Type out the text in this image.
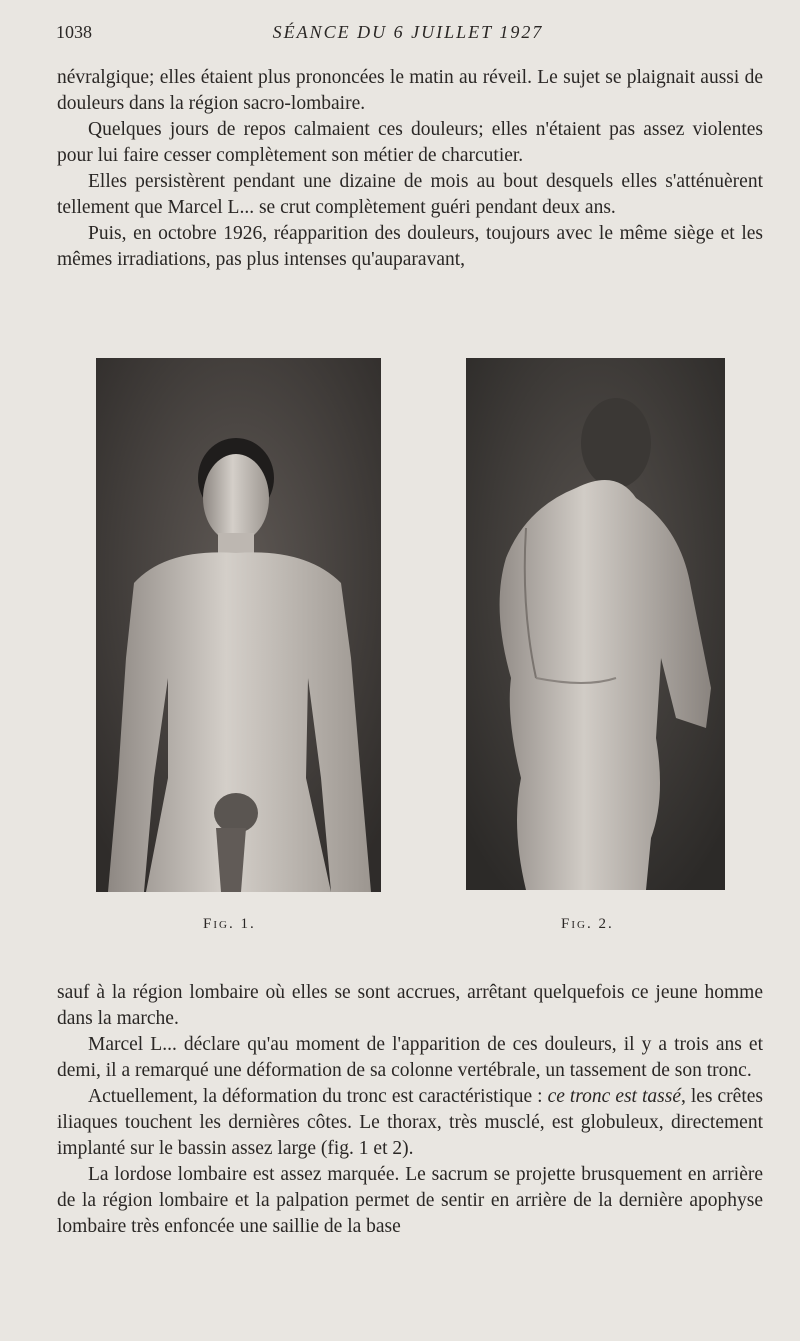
1038	SÉANCE DU 6 JUILLET 1927

névralgique; elles étaient plus prononcées le matin au réveil. Le sujet se plaignait aussi de douleurs dans la région sacro-lombaire.

Quelques jours de repos calmaient ces douleurs; elles n'étaient pas assez violentes pour lui faire cesser complètement son métier de charcutier.

Elles persistèrent pendant une dizaine de mois au bout desquels elles s'atténuèrent tellement que Marcel L... se crut complètement guéri pendant deux ans.

Puis, en octobre 1926, réapparition des douleurs, toujours avec le même siège et les mêmes irradiations, pas plus intenses qu'auparavant,

Fig. 1.	Fig. 2.

sauf à la région lombaire où elles se sont accrues, arrêtant quelquefois ce jeune homme dans la marche.

Marcel L... déclare qu'au moment de l'apparition de ces douleurs, il y a trois ans et demi, il a remarqué une déformation de sa colonne vertébrale, un tassement de son tronc.

Actuellement, la déformation du tronc est caractéristique : ce tronc est tassé, les crêtes iliaques touchent les dernières côtes. Le thorax, très musclé, est globuleux, directement implanté sur le bassin assez large (fig. 1 et 2).

La lordose lombaire est assez marquée. Le sacrum se projette brusquement en arrière de la région lombaire et la palpation permet de sentir en arrière de la dernière apophyse lombaire très enfoncée une saillie de la base
